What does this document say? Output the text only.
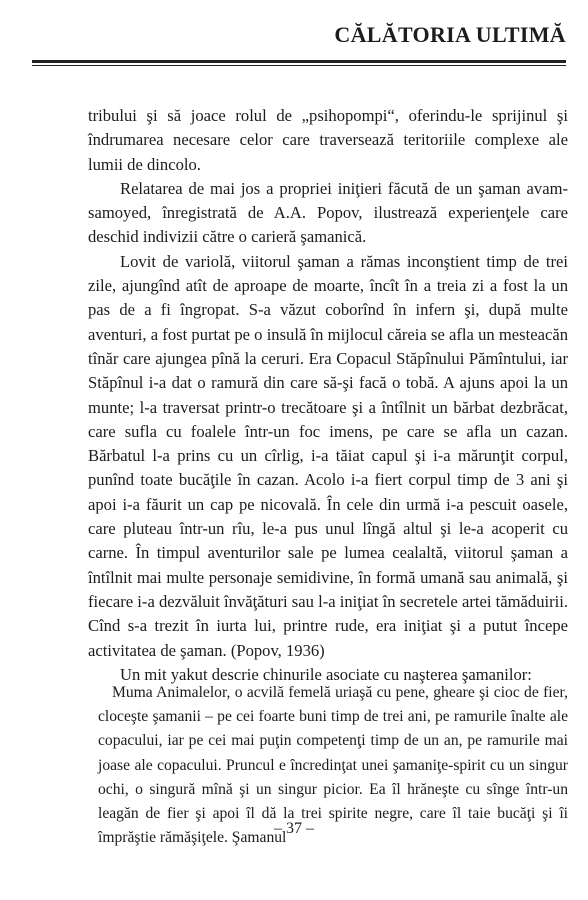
CĂLĂTORIA ULTIMĂ

tribului şi să joace rolul de „psihopompi“, oferindu-le sprijinul şi îndrumarea necesare celor care traversează teritoriile complexe ale lumii de dincolo.

Relatarea de mai jos a propriei iniţieri făcută de un şaman avam-samoyed, înregistrată de A.A. Popov, ilustrează experienţele care deschid indivizii către o carieră şamanică.

Lovit de variolă, viitorul şaman a rămas inconştient timp de trei zile, ajungînd atît de aproape de moarte, încît în a treia zi a fost la un pas de a fi îngropat. S-a văzut coborînd în infern şi, după multe aventuri, a fost purtat pe o insulă în mijlocul căreia se afla un mesteacăn tînăr care ajungea pînă la ceruri. Era Copacul Stăpînului Pămîntului, iar Stăpînul i-a dat o ramură din care să-şi facă o tobă. A ajuns apoi la un munte; l-a traversat printr-o trecătoare şi a întîlnit un bărbat dezbrăcat, care sufla cu foalele într-un foc imens, pe care se afla un cazan. Bărbatul l-a prins cu un cîrlig, i-a tăiat capul şi i-a mărunţit corpul, punînd toate bucăţile în cazan. Acolo i-a fiert corpul timp de 3 ani şi apoi i-a făurit un cap pe nicovală. În cele din urmă i-a pescuit oasele, care pluteau într-un rîu, le-a pus unul lîngă altul şi le-a acoperit cu carne. În timpul aventurilor sale pe lumea cealaltă, viitorul şaman a întîlnit mai multe personaje semidivine, în formă umană sau animală, şi fiecare i-a dezvăluit învăţături sau l-a iniţiat în secretele artei tămăduirii. Cînd s-a trezit în iurta lui, printre rude, era iniţiat şi a putut începe activitatea de şaman. (Popov, 1936)

Un mit yakut descrie chinurile asociate cu naşterea şamanilor:

Muma Animalelor, o acvilă femelă uriaşă cu pene, gheare şi cioc de fier, cloceşte şamanii – pe cei foarte buni timp de trei ani, pe ramurile înalte ale copacului, iar pe cei mai puţin competenţi timp de un an, pe ramurile mai joase ale copacului. Pruncul e încredinţat unei şamaniţe-spirit cu un singur ochi, o singură mînă şi un singur picior. Ea îl hrăneşte cu sînge într-un leagăn de fier şi apoi îl dă la trei spirite negre, care îl taie bucăţi şi îi împrăştie rămăşiţele. Şamanul

– 37 –
